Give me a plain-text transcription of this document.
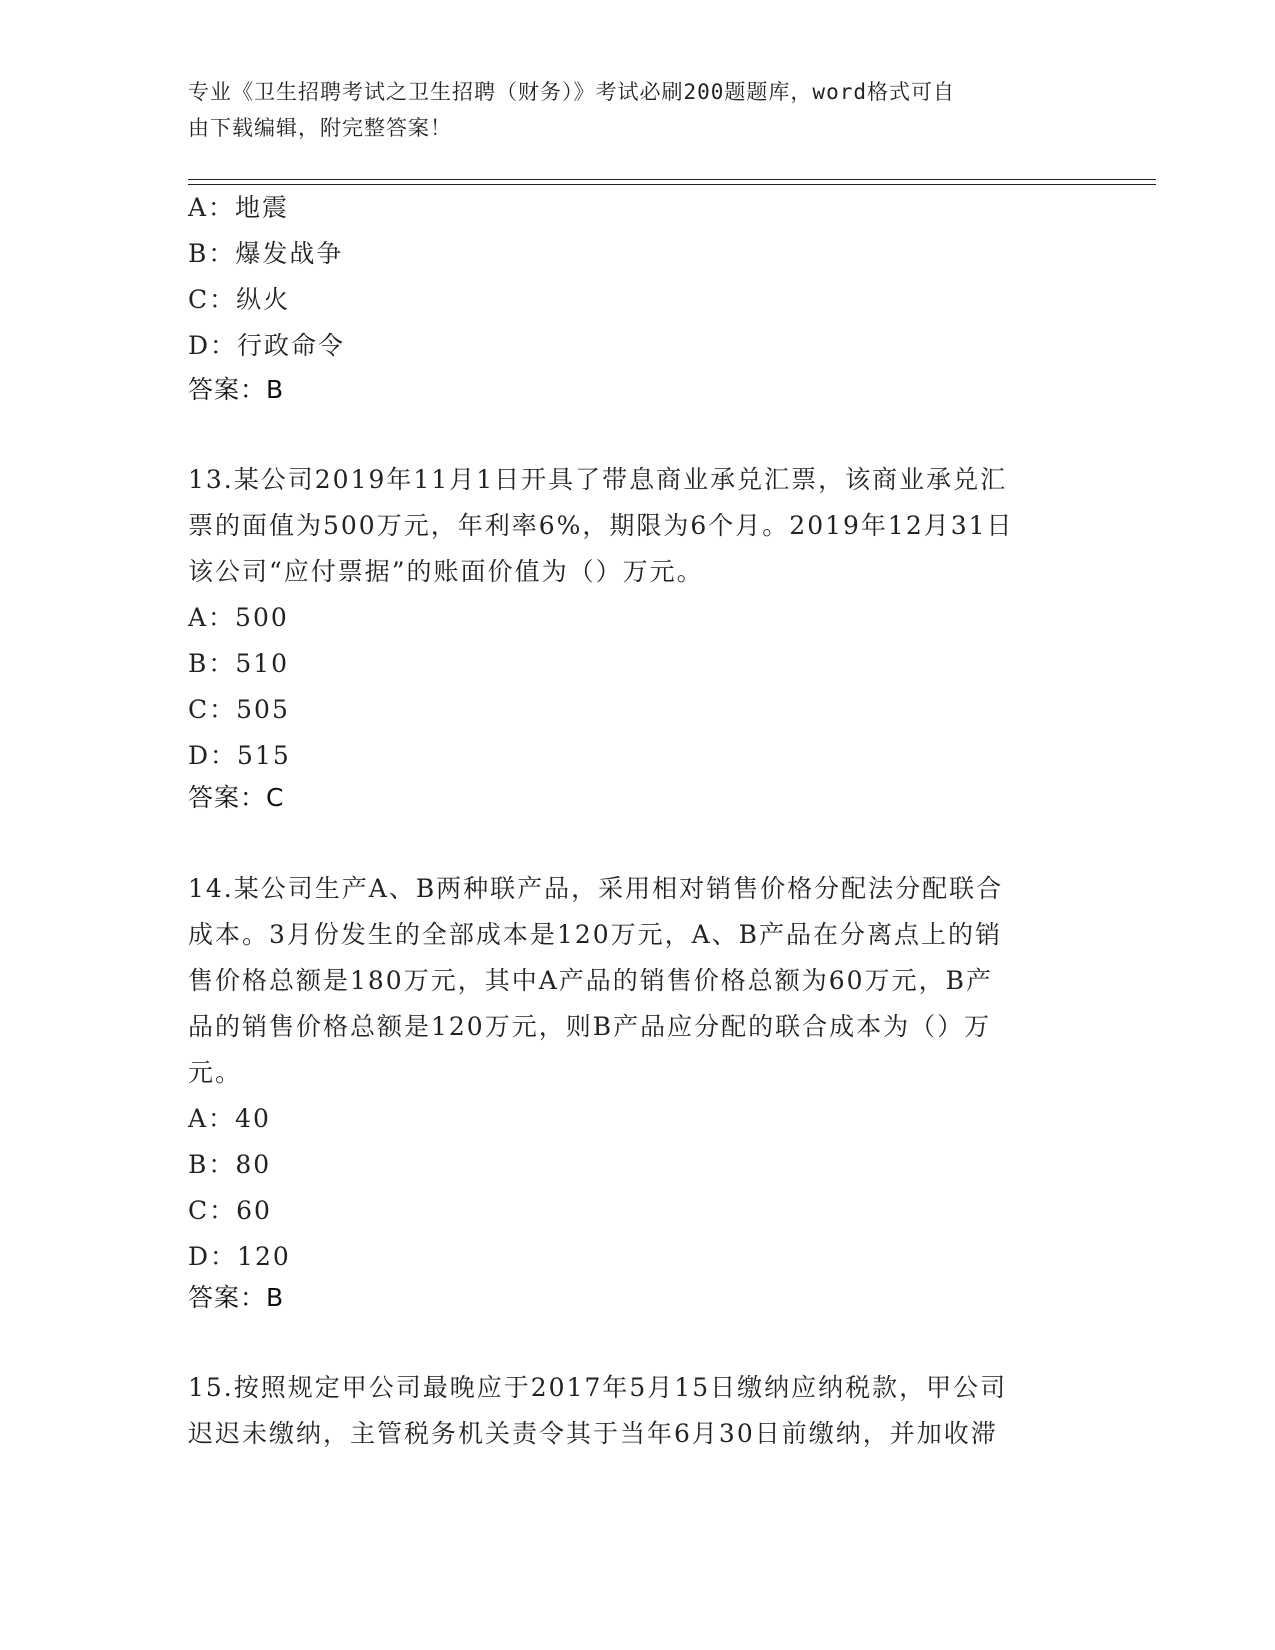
专业《卫生招聘考试之卫生招聘（财务）》考试必刷200题题库，word格式可自
由下载编辑，附完整答案！
A：地震
B：爆发战争
C：纵火
D：行政命令
答案：B
13.某公司2019年11月1日开具了带息商业承兑汇票，该商业承兑汇
票的面值为500万元，年利率6%，期限为6个月。2019年12月31日
该公司“应付票据”的账面价值为（）万元。
A：500
B：510
C：505
D：515
答案：C
14.某公司生产A、B两种联产品，采用相对销售价格分配法分配联合
成本。3月份发生的全部成本是120万元，A、B产品在分离点上的销
售价格总额是180万元，其中A产品的销售价格总额为60万元，B产
品的销售价格总额是120万元，则B产品应分配的联合成本为（）万
元。
A：40
B：80
C：60
D：120
答案：B
15.按照规定甲公司最晚应于2017年5月15日缴纳应纳税款，甲公司
迟迟未缴纳，主管税务机关责令其于当年6月30日前缴纳，并加收滞
